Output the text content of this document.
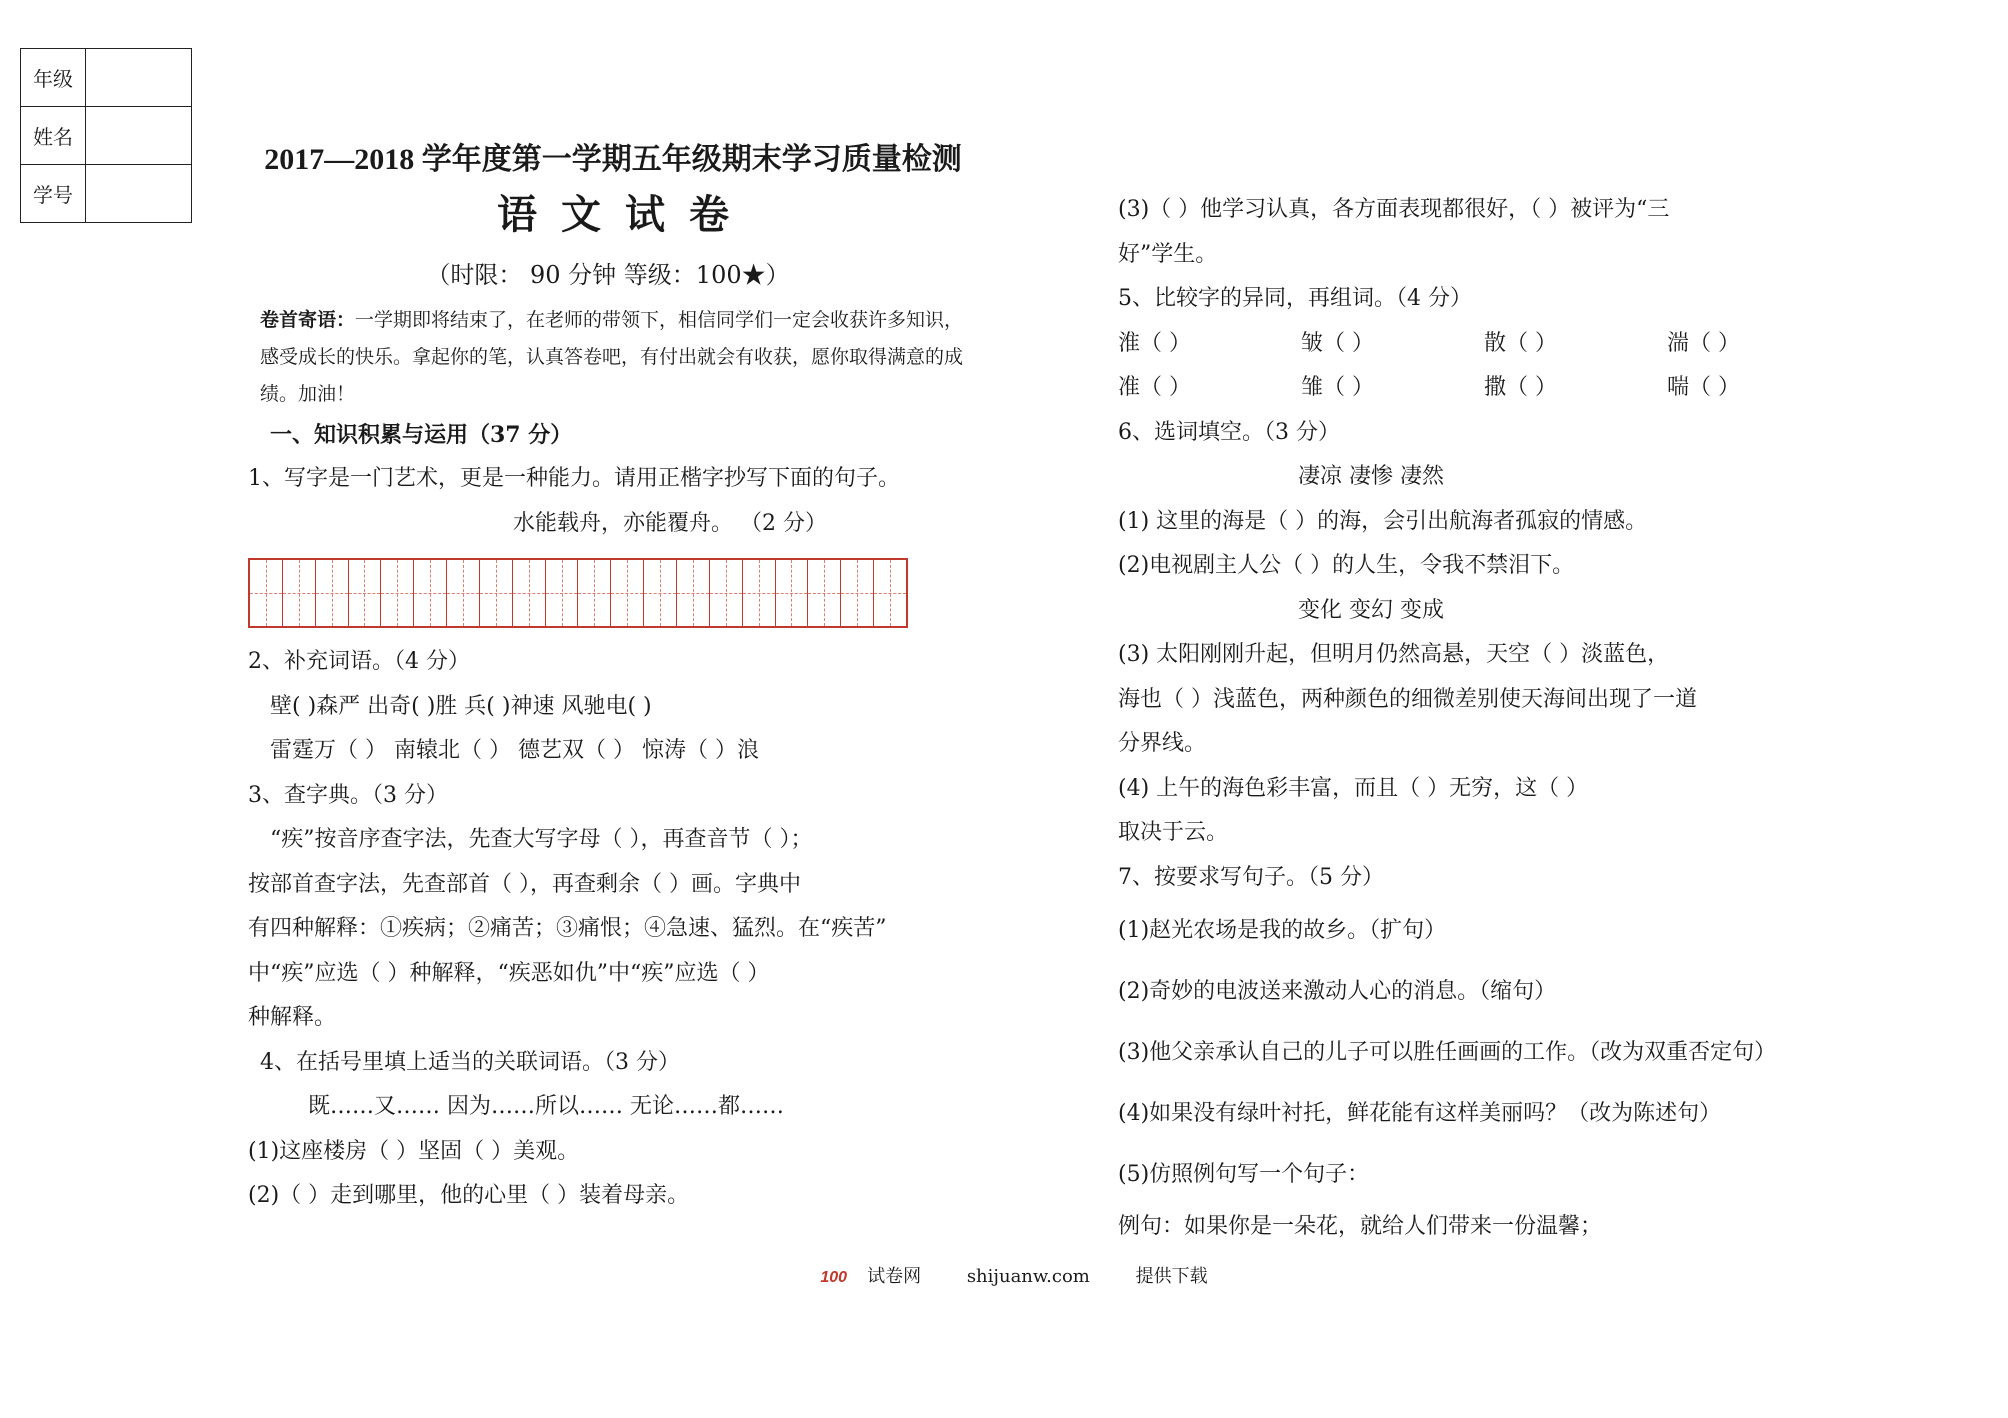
年级	
姓名	
学号	
2017—2018 学年度第一学期五年级期末学习质量检测
语文试卷
（时限： 90 分钟 等级：100★）
卷首寄语：一学期即将结束了，在老师的带领下，相信同学们一定会收获许多知识，感受成长的快乐。拿起你的笔，认真答卷吧，有付出就会有收获，愿你取得满意的成绩。加油！
一、知识积累与运用（37 分）
1、写字是一门艺术，更是一种能力。请用正楷字抄写下面的句子。
水能载舟，亦能覆舟。 （2 分）
2、补充词语。（4 分）
壁( )森严 出奇( )胜 兵( )神速 风驰电( )
雷霆万（ ） 南辕北（ ） 德艺双（ ） 惊涛（ ）浪
3、查字典。（3 分）
“疾”按音序查字法，先查大写字母（ ），再查音节（ ）；
按部首查字法，先查部首（ ），再查剩余（ ）画。字典中
有四种解释：①疾病；②痛苦；③痛恨；④急速、猛烈。在“疾苦”
中“疾”应选（ ）种解释，“疾恶如仇”中“疾”应选（ ）
种解释。
4、在括号里填上适当的关联词语。（3 分）
既……又…… 因为……所以…… 无论……都……
(1)这座楼房（ ）坚固（ ）美观。
(2)（ ）走到哪里，他的心里（ ）装着母亲。
(3)（ ）他学习认真，各方面表现都很好，（ ）被评为“三
好”学生。
5、比较字的异同，再组词。（4 分）
淮（ ）	皱（ ）	散（ ）	湍（ ）
准（ ）	雏（ ）	撒（ ）	喘（ ）
6、选词填空。（3 分）
凄凉 凄惨 凄然
(1) 这里的海是（ ）的海，会引出航海者孤寂的情感。
(2)电视剧主人公（ ）的人生，令我不禁泪下。
变化 变幻 变成
(3) 太阳刚刚升起，但明月仍然高悬，天空（ ）淡蓝色，
海也（ ）浅蓝色，两种颜色的细微差别使天海间出现了一道
分界线。
(4) 上午的海色彩丰富，而且（ ）无穷，这（ ）
取决于云。
7、按要求写句子。（5 分）
(1)赵光农场是我的故乡。（扩句）
(2)奇妙的电波送来激动人心的消息。（缩句）
(3)他父亲承认自己的儿子可以胜任画画的工作。（改为双重否定句）
(4)如果没有绿叶衬托，鲜花能有这样美丽吗？（改为陈述句）
(5)仿照例句写一个句子：
例句：如果你是一朵花，就给人们带来一份温馨；
100 试卷网	shijuanw.com	提供下载
